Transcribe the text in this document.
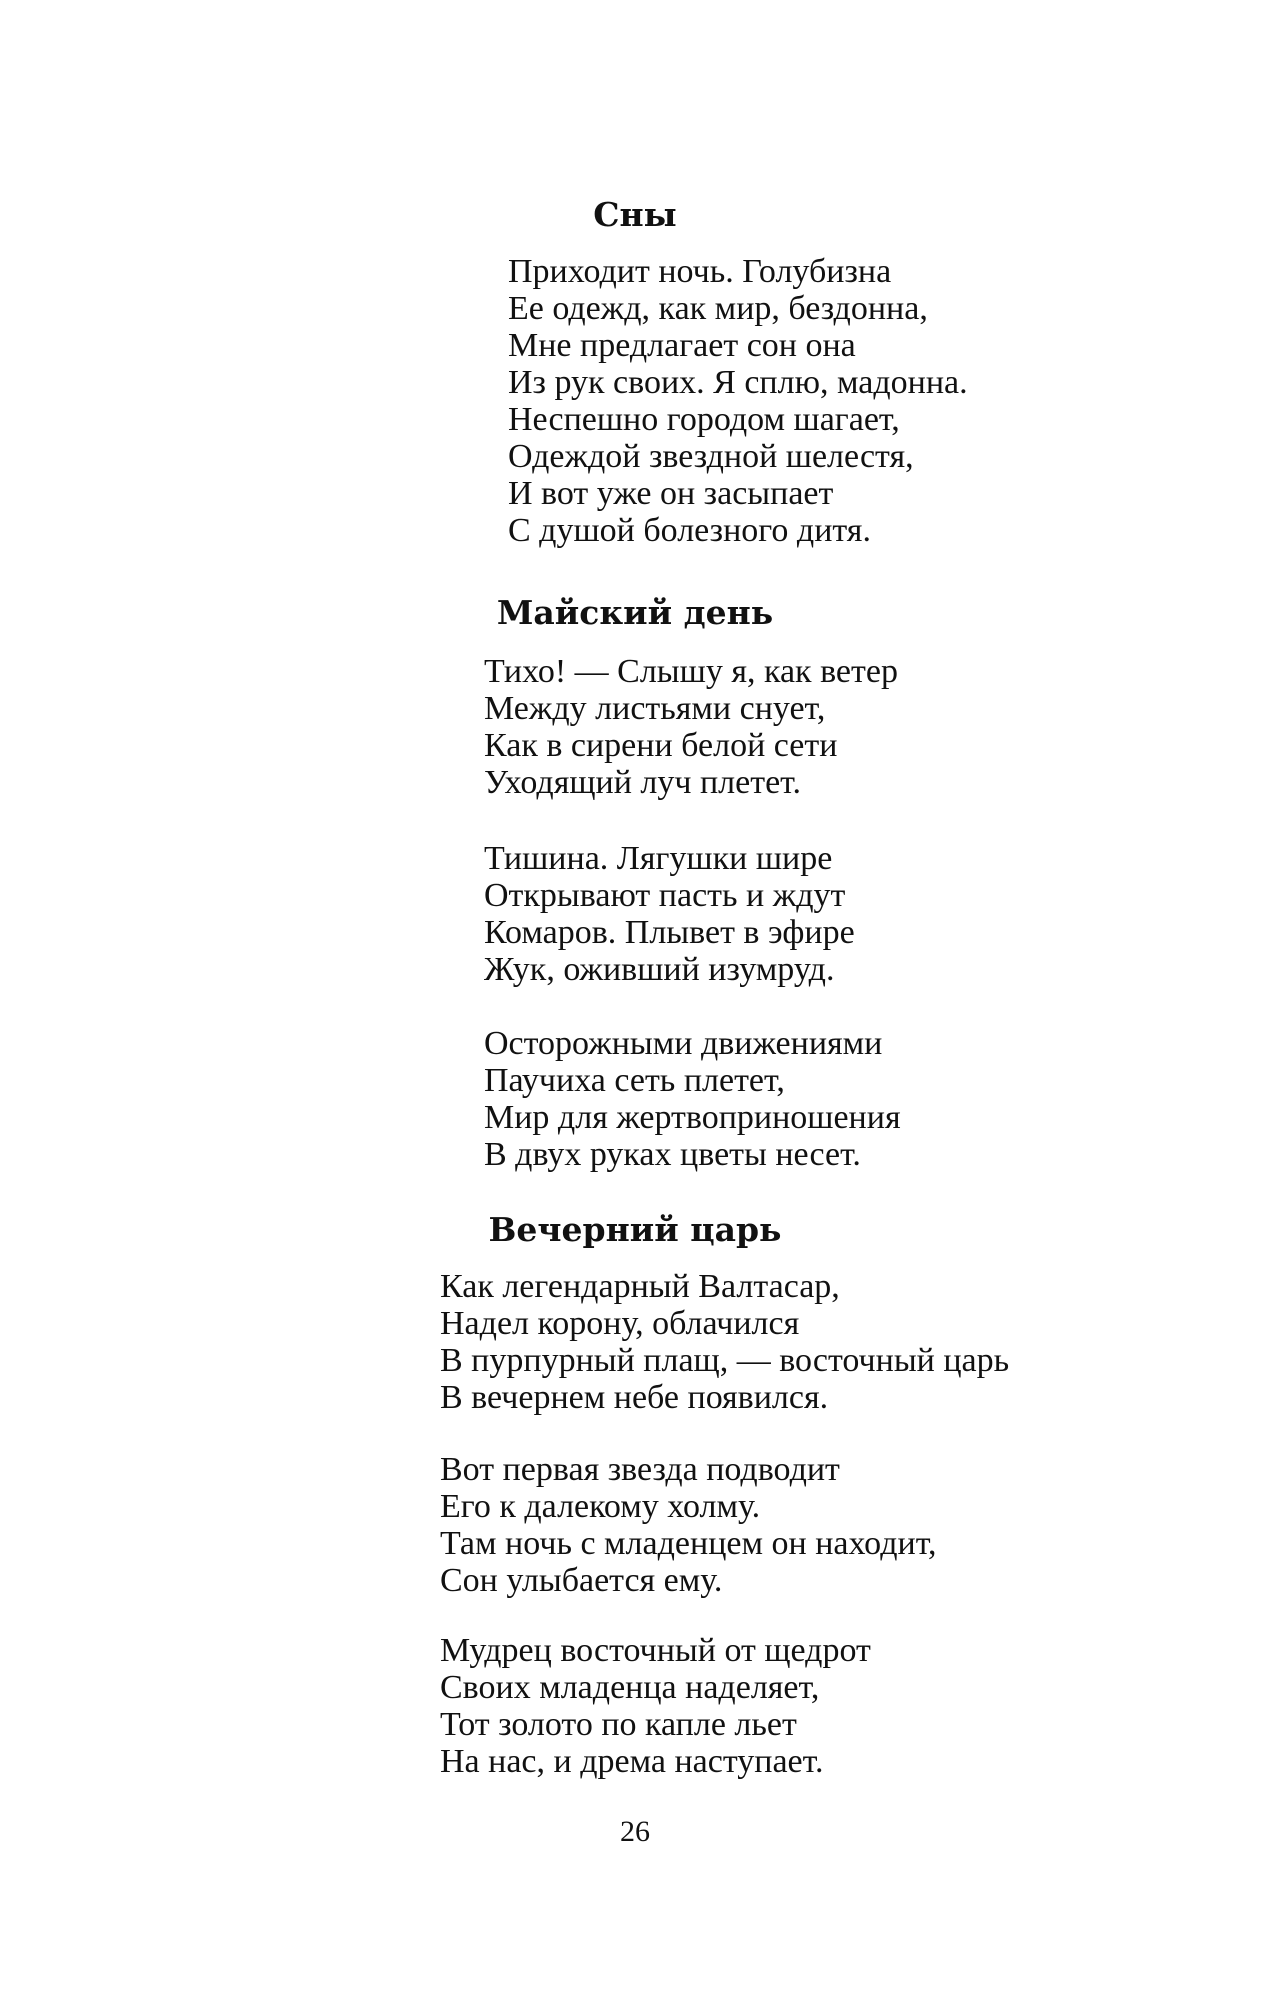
Сны
Приходит ночь. Голубизна
Ее одежд, как мир, бездонна,
Мне предлагает сон она
Из рук своих. Я сплю, мадонна.
Неспешно городом шагает,
Одеждой звездной шелестя,
И вот уже он засыпает
С душой болезного дитя.
Майский день
Тихо! — Слышу я, как ветер
Между листьями снует,
Как в сирени белой сети
Уходящий луч плетет.
Тишина. Лягушки шире
Открывают пасть и ждут
Комаров. Плывет в эфире
Жук, оживший изумруд.
Осторожными движениями
Паучиха сеть плетет,
Мир для жертвоприношения
В двух руках цветы несет.
Вечерний царь
Как легендарный Валтасар,
Надел корону, облачился
В пурпурный плащ, — восточный царь
В вечернем небе появился.
Вот первая звезда подводит
Его к далекому холму.
Там ночь с младенцем он находит,
Сон улыбается ему.
Мудрец восточный от щедрот
Своих младенца наделяет,
Тот золото по капле льет
На нас, и дрема наступает.
26
